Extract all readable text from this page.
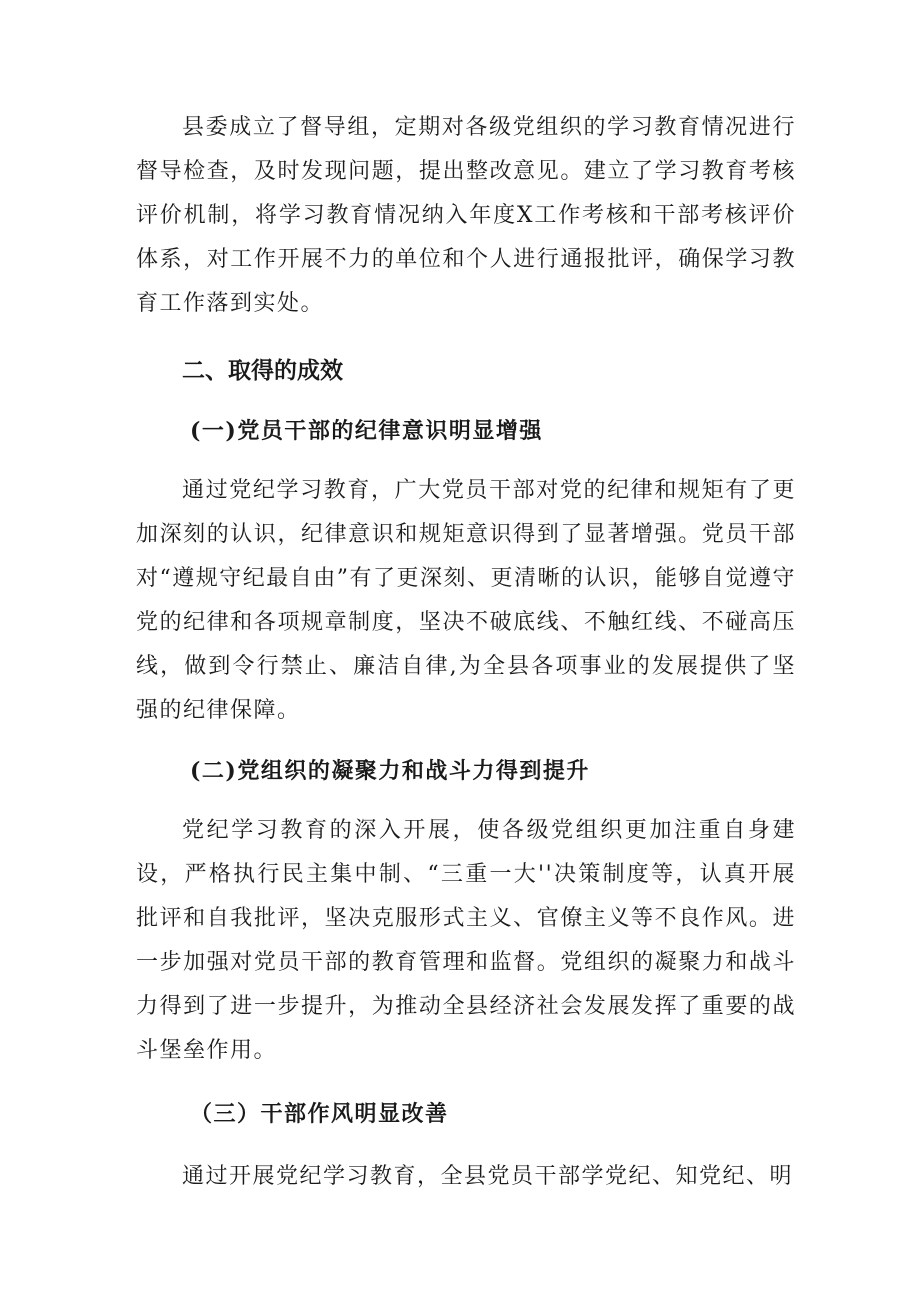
县委成立了督导组，定期对各级党组织的学习教育情况进行督导检查，及时发现问题，提出整改意见。建立了学习教育考核评价机制，将学习教育情况纳入年度X工作考核和干部考核评价体系，对工作开展不力的单位和个人进行通报批评，确保学习教育工作落到实处。

二、取得的成效
(一)党员干部的纪律意识明显增强

通过党纪学习教育，广大党员干部对党的纪律和规矩有了更加深刻的认识，纪律意识和规矩意识得到了显著增强。党员干部对“遵规守纪最自由”有了更深刻、更清晰的认识，能够自觉遵守党的纪律和各项规章制度，坚决不破底线、不触红线、不碰高压线，做到令行禁止、廉洁自律,为全县各项事业的发展提供了坚强的纪律保障。

(二)党组织的凝聚力和战斗力得到提升

党纪学习教育的深入开展，使各级党组织更加注重自身建设，严格执行民主集中制、“三重一大''决策制度等，认真开展批评和自我批评，坚决克服形式主义、官僚主义等不良作风。进一步加强对党员干部的教育管理和监督。党组织的凝聚力和战斗力得到了进一步提升，为推动全县经济社会发展发挥了重要的战斗堡垒作用。

（三）干部作风明显改善

通过开展党纪学习教育，全县党员干部学党纪、知党纪、明
